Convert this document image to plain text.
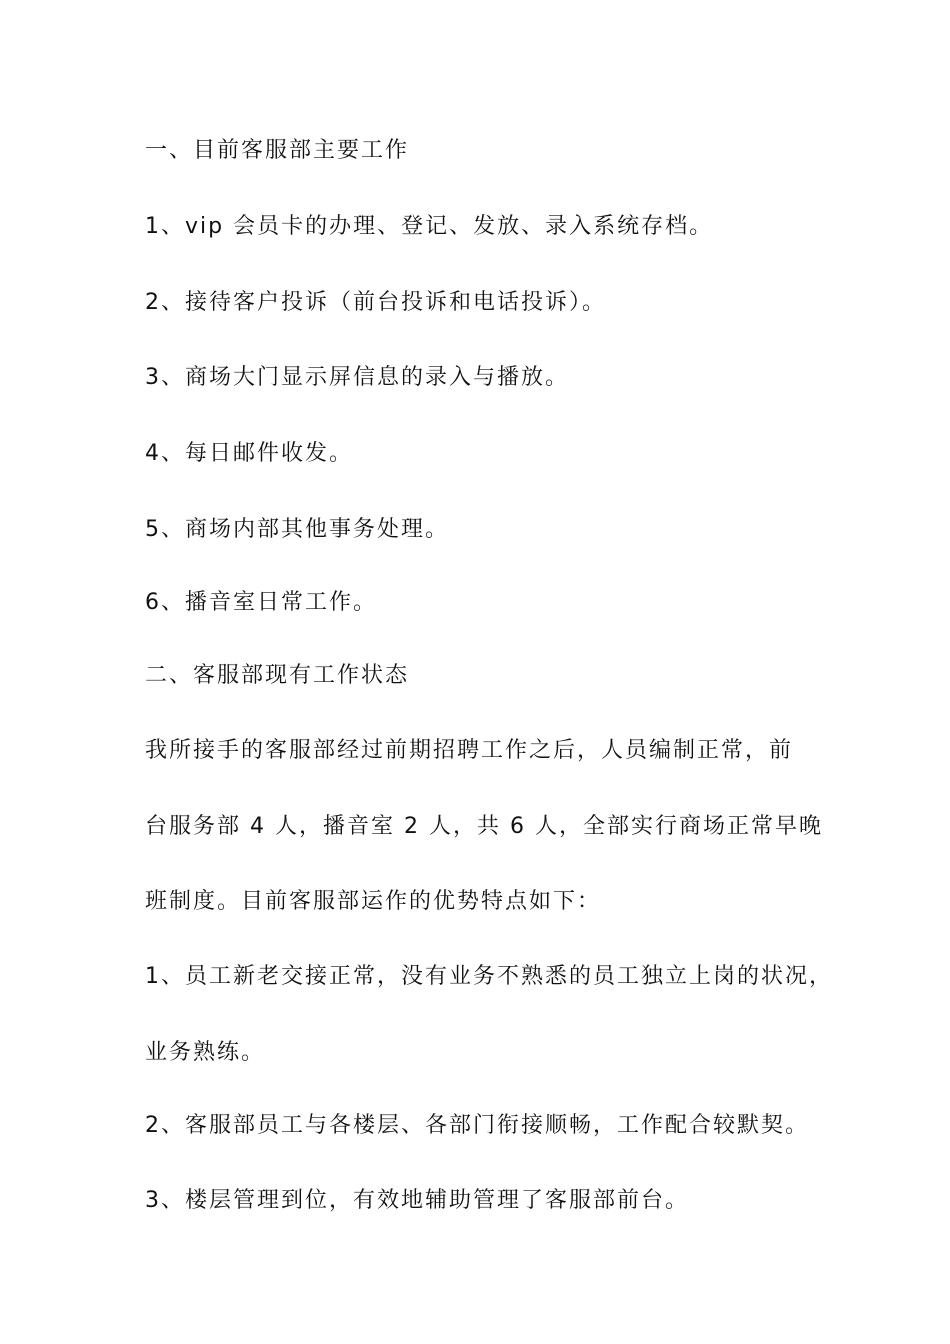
一、目前客服部主要工作
1、vip 会员卡的办理、登记、发放、录入系统存档。
2、接待客户投诉（前台投诉和电话投诉）。
3、商场大门显示屏信息的录入与播放。
4、每日邮件收发。
5、商场内部其他事务处理。
6、播音室日常工作。
二、客服部现有工作状态
我所接手的客服部经过前期招聘工作之后，人员编制正常，前
台服务部 4 人，播音室 2 人，共 6 人，全部实行商场正常早晚
班制度。目前客服部运作的优势特点如下：
1、员工新老交接正常，没有业务不熟悉的员工独立上岗的状况，
业务熟练。
2、客服部员工与各楼层、各部门衔接顺畅，工作配合较默契。
3、楼层管理到位，有效地辅助管理了客服部前台。
